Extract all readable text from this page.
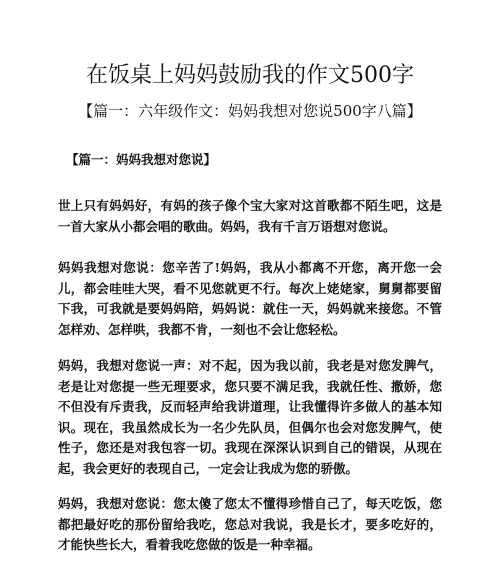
在饭桌上妈妈鼓励我的作文500字

【篇一：六年级作文：妈妈我想对您说500字八篇】

【篇一：妈妈我想对您说】

世上只有妈妈好，有妈的孩子像个宝大家对这首歌都不陌生吧，这是一首大家从小都会唱的歌曲。妈妈，我有千言万语想对您说。

妈妈我想对您说：您辛苦了!妈妈，我从小都离不开您，离开您一会儿，都会哇哇大哭，看不见您就更不行。每次上姥姥家，舅舅都要留下我，可我就是要妈妈陪，妈妈说：就住一天，妈妈就来接您。不管怎样劝、怎样哄，我都不肯，一刻也不会让您轻松。

妈妈，我想对您说一声：对不起，因为我以前，我老是对您发脾气，老是让对您提一些无理要求，您只要不满足我，我就任性、撒娇，您不但没有斥责我，反而轻声给我讲道理，让我懂得许多做人的基本知识。现在，我虽然成长为一名少先队员，但偶尔也会对您发脾气，使性子，您还是对我包容一切。我现在深深认识到自己的错误，从现在起，我会更好的表现自己，一定会让我成为您的骄傲。

妈妈，我想对您说：您太傻了您太不懂得珍惜自己了，每天吃饭，您都把最好吃的那份留给我吃，您总对我说，我是长才，要多吃好的，才能快些长大，看着我吃您做的饭是一种幸福。
